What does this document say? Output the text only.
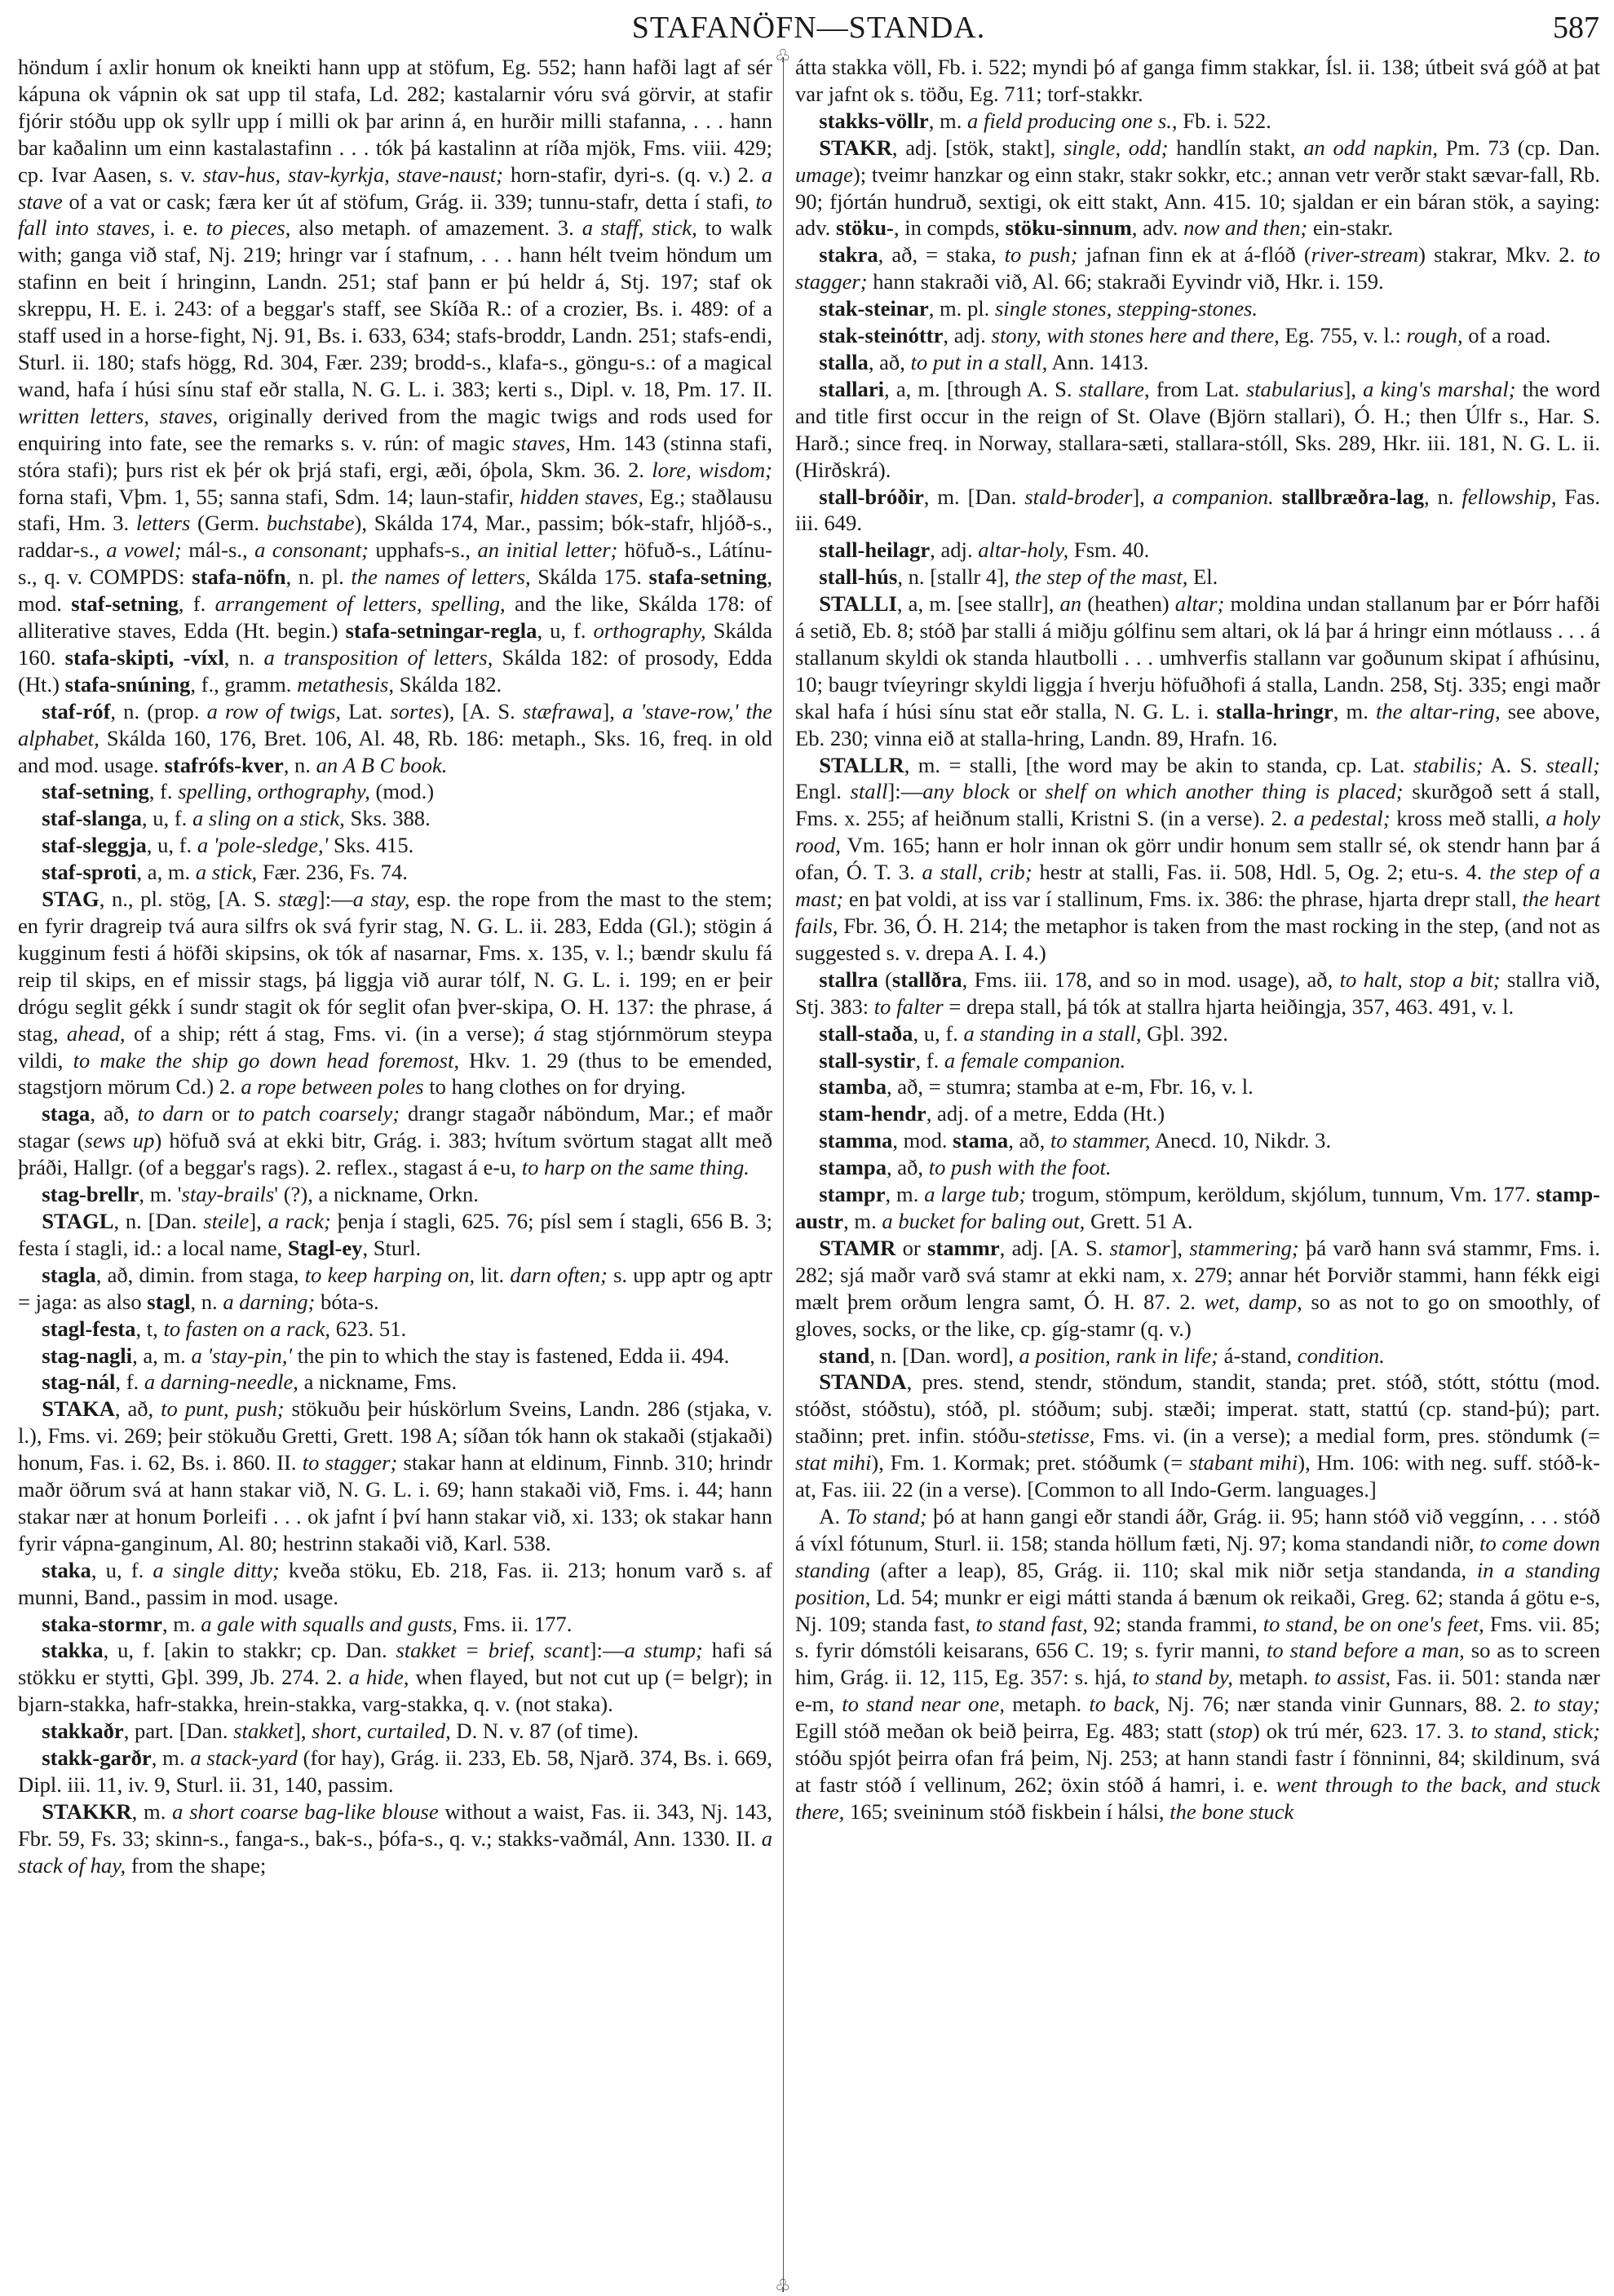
STAFANÖFN—STANDA.	587
♧
♧

höndum í axlir honum ok kneikti hann upp at stöfum, Eg. 552; hann hafði lagt af sér kápuna ok vápnin ok sat upp til stafa, Ld. 282; kastalarnir vóru svá görvir, at stafir fjórir stóðu upp ok syllr upp í milli ok þar arinn á, en hurðir milli stafanna, . . . hann bar kaðalinn um einn kastalastafinn . . . tók þá kastalinn at ríða mjök, Fms. viii. 429; cp. Ivar Aasen, s. v. stav-hus, stav-kyrkja, stave-naust; horn-stafir, dyri-s. (q. v.) 2. a stave of a vat or cask; færa ker út af stöfum, Grág. ii. 339; tunnu-stafr, detta í stafi, to fall into staves, i. e. to pieces, also metaph. of amazement. 3. a staff, stick, to walk with; ganga við staf, Nj. 219; hringr var í stafnum, . . . hann hélt tveim höndum um stafinn en beit í hringinn, Landn. 251; staf þann er þú heldr á, Stj. 197; staf ok skreppu, H. E. i. 243: of a beggar's staff, see Skíða R.: of a crozier, Bs. i. 489: of a staff used in a horse-fight, Nj. 91, Bs. i. 633, 634; stafs-broddr, Landn. 251; stafs-endi, Sturl. ii. 180; stafs högg, Rd. 304, Fær. 239; brodd-s., klafa-s., göngu-s.: of a magical wand, hafa í húsi sínu staf eðr stalla, N. G. L. i. 383; kerti s., Dipl. v. 18, Pm. 17. II. written letters, staves, originally derived from the magic twigs and rods used for enquiring into fate, see the remarks s. v. rún: of magic staves, Hm. 143 (stinna stafi, stóra stafi); þurs rist ek þér ok þrjá stafi, ergi, æði, óþola, Skm. 36. 2. lore, wisdom; forna stafi, Vþm. 1, 55; sanna stafi, Sdm. 14; laun-stafir, hidden staves, Eg.; staðlausu stafi, Hm. 3. letters (Germ. buchstabe), Skálda 174, Mar., passim; bók-stafr, hljóð-s., raddar-s., a vowel; mál-s., a consonant; upphafs-s., an initial letter; höfuð-s., Látínu-s., q. v. COMPDS: stafa-nöfn, n. pl. the names of letters, Skálda 175. stafa-setning, mod. staf-setning, f. arrangement of letters, spelling, and the like, Skálda 178: of alliterative staves, Edda (Ht. begin.) stafa-setningar-regla, u, f. orthography, Skálda 160. stafa-skipti, -víxl, n. a transposition of letters, Skálda 182: of prosody, Edda (Ht.) stafa-snúning, f., gramm. metathesis, Skálda 182.

staf-róf, n. (prop. a row of twigs, Lat. sortes), [A. S. stæfrawa], a 'stave-row,' the alphabet, Skálda 160, 176, Bret. 106, Al. 48, Rb. 186: metaph., Sks. 16, freq. in old and mod. usage. stafrófs-kver, n. an A B C book.

staf-setning, f. spelling, orthography, (mod.)

staf-slanga, u, f. a sling on a stick, Sks. 388.

staf-sleggja, u, f. a 'pole-sledge,' Sks. 415.

staf-sproti, a, m. a stick, Fær. 236, Fs. 74.

STAG, n., pl. stög, [A. S. stæg]:—a stay, esp. the rope from the mast to the stem; en fyrir dragreip tvá aura silfrs ok svá fyrir stag, N. G. L. ii. 283, Edda (Gl.); stögin á kugginum festi á höfði skipsins, ok tók af nasarnar, Fms. x. 135, v. l.; bændr skulu fá reip til skips, en ef missir stags, þá liggja við aurar tólf, N. G. L. i. 199; en er þeir drógu seglit gékk í sundr stagit ok fór seglit ofan þver-skipa, O. H. 137: the phrase, á stag, ahead, of a ship; rétt á stag, Fms. vi. (in a verse); á stag stjórnmörum steypa vildi, to make the ship go down head foremost, Hkv. 1. 29 (thus to be emended, stagstjorn mörum Cd.) 2. a rope between poles to hang clothes on for drying.

staga, að, to darn or to patch coarsely; drangr stagaðr náböndum, Mar.; ef maðr stagar (sews up) höfuð svá at ekki bitr, Grág. i. 383; hvítum svörtum stagat allt með þráði, Hallgr. (of a beggar's rags). 2. reflex., stagast á e-u, to harp on the same thing.

stag-brellr, m. 'stay-brails' (?), a nickname, Orkn.

STAGL, n. [Dan. steile], a rack; þenja í stagli, 625. 76; písl sem í stagli, 656 B. 3; festa í stagli, id.: a local name, Stagl-ey, Sturl.

stagla, að, dimin. from staga, to keep harping on, lit. darn often; s. upp aptr og aptr = jaga: as also stagl, n. a darning; bóta-s.

stagl-festa, t, to fasten on a rack, 623. 51.

stag-nagli, a, m. a 'stay-pin,' the pin to which the stay is fastened, Edda ii. 494.

stag-nál, f. a darning-needle, a nickname, Fms.

STAKA, að, to punt, push; stökuðu þeir húskörlum Sveins, Landn. 286 (stjaka, v. l.), Fms. vi. 269; þeir stökuðu Gretti, Grett. 198 A; síðan tók hann ok stakaði (stjakaði) honum, Fas. i. 62, Bs. i. 860. II. to stagger; stakar hann at eldinum, Finnb. 310; hrindr maðr öðrum svá at hann stakar við, N. G. L. i. 69; hann stakaði við, Fms. i. 44; hann stakar nær at honum Þorleifi . . . ok jafnt í því hann stakar við, xi. 133; ok stakar hann fyrir vápna-ganginum, Al. 80; hestrinn stakaði við, Karl. 538.

staka, u, f. a single ditty; kveða stöku, Eb. 218, Fas. ii. 213; honum varð s. af munni, Band., passim in mod. usage.

staka-stormr, m. a gale with squalls and gusts, Fms. ii. 177.

stakka, u, f. [akin to stakkr; cp. Dan. stakket = brief, scant]:—a stump; hafi sá stökku er stytti, Gþl. 399, Jb. 274. 2. a hide, when flayed, but not cut up (= belgr); in bjarn-stakka, hafr-stakka, hrein-stakka, varg-stakka, q. v. (not staka).

stakkaðr, part. [Dan. stakket], short, curtailed, D. N. v. 87 (of time).

stakk-garðr, m. a stack-yard (for hay), Grág. ii. 233, Eb. 58, Njarð. 374, Bs. i. 669, Dipl. iii. 11, iv. 9, Sturl. ii. 31, 140, passim.

STAKKR, m. a short coarse bag-like blouse without a waist, Fas. ii. 343, Nj. 143, Fbr. 59, Fs. 33; skinn-s., fanga-s., bak-s., þófa-s., q. v.; stakks-vaðmál, Ann. 1330. II. a stack of hay, from the shape;

átta stakka völl, Fb. i. 522; myndi þó af ganga fimm stakkar, Ísl. ii. 138; útbeit svá góð at þat var jafnt ok s. töðu, Eg. 711; torf-stakkr.

stakks-völlr, m. a field producing one s., Fb. i. 522.

STAKR, adj. [stök, stakt], single, odd; handlín stakt, an odd napkin, Pm. 73 (cp. Dan. umage); tveimr hanzkar og einn stakr, stakr sokkr, etc.; annan vetr verðr stakt sævar-fall, Rb. 90; fjórtán hundruð, sextigi, ok eitt stakt, Ann. 415. 10; sjaldan er ein báran stök, a saying: adv. stöku-, in compds, stöku-sinnum, adv. now and then; ein-stakr.

stakra, að, = staka, to push; jafnan finn ek at á-flóð (river-stream) stakrar, Mkv. 2. to stagger; hann stakraði við, Al. 66; stakraði Eyvindr við, Hkr. i. 159.

stak-steinar, m. pl. single stones, stepping-stones.

stak-steinóttr, adj. stony, with stones here and there, Eg. 755, v. l.: rough, of a road.

stalla, að, to put in a stall, Ann. 1413.

stallari, a, m. [through A. S. stallare, from Lat. stabularius], a king's marshal; the word and title first occur in the reign of St. Olave (Björn stallari), Ó. H.; then Úlfr s., Har. S. Harð.; since freq. in Norway, stallara-sæti, stallara-stóll, Sks. 289, Hkr. iii. 181, N. G. L. ii. (Hirðskrá).

stall-bróðir, m. [Dan. stald-broder], a companion. stallbræðra-lag, n. fellowship, Fas. iii. 649.

stall-heilagr, adj. altar-holy, Fsm. 40.

stall-hús, n. [stallr 4], the step of the mast, El.

STALLI, a, m. [see stallr], an (heathen) altar; moldina undan stallanum þar er Þórr hafði á setið, Eb. 8; stóð þar stalli á miðju gólfinu sem altari, ok lá þar á hringr einn mótlauss . . . á stallanum skyldi ok standa hlautbolli . . . umhverfis stallann var goðunum skipat í afhúsinu, 10; baugr tvíeyringr skyldi liggja í hverju höfuðhofi á stalla, Landn. 258, Stj. 335; engi maðr skal hafa í húsi sínu stat eðr stalla, N. G. L. i. stalla-hringr, m. the altar-ring, see above, Eb. 230; vinna eið at stalla-hring, Landn. 89, Hrafn. 16.

STALLR, m. = stalli, [the word may be akin to standa, cp. Lat. stabilis; A. S. steall; Engl. stall]:—any block or shelf on which another thing is placed; skurðgoð sett á stall, Fms. x. 255; af heiðnum stalli, Kristni S. (in a verse). 2. a pedestal; kross með stalli, a holy rood, Vm. 165; hann er holr innan ok görr undir honum sem stallr sé, ok stendr hann þar á ofan, Ó. T. 3. a stall, crib; hestr at stalli, Fas. ii. 508, Hdl. 5, Og. 2; etu-s. 4. the step of a mast; en þat voldi, at iss var í stallinum, Fms. ix. 386: the phrase, hjarta drepr stall, the heart fails, Fbr. 36, Ó. H. 214; the metaphor is taken from the mast rocking in the step, (and not as suggested s. v. drepa A. I. 4.)

stallra (stallðra, Fms. iii. 178, and so in mod. usage), að, to halt, stop a bit; stallra við, Stj. 383: to falter = drepa stall, þá tók at stallra hjarta heiðingja, 357, 463. 491, v. l.

stall-staða, u, f. a standing in a stall, Gþl. 392.

stall-systir, f. a female companion.

stamba, að, = stumra; stamba at e-m, Fbr. 16, v. l.

stam-hendr, adj. of a metre, Edda (Ht.)

stamma, mod. stama, að, to stammer, Anecd. 10, Nikdr. 3.

stampa, að, to push with the foot.

stampr, m. a large tub; trogum, stömpum, keröldum, skjólum, tunnum, Vm. 177. stamp-austr, m. a bucket for baling out, Grett. 51 A.

STAMR or stammr, adj. [A. S. stamor], stammering; þá varð hann svá stammr, Fms. i. 282; sjá maðr varð svá stamr at ekki nam, x. 279; annar hét Þorviðr stammi, hann fékk eigi mælt þrem orðum lengra samt, Ó. H. 87. 2. wet, damp, so as not to go on smoothly, of gloves, socks, or the like, cp. gíg-stamr (q. v.)

stand, n. [Dan. word], a position, rank in life; á-stand, condition.

STANDA, pres. stend, stendr, stöndum, standit, standa; pret. stóð, stótt, stóttu (mod. stóðst, stóðstu), stóð, pl. stóðum; subj. stæði; imperat. statt, stattú (cp. stand-þú); part. staðinn; pret. infin. stóðu-stetisse, Fms. vi. (in a verse); a medial form, pres. stöndumk (= stat mihi), Fm. 1. Kormak; pret. stóðumk (= stabant mihi), Hm. 106: with neg. suff. stóð-k-at, Fas. iii. 22 (in a verse). [Common to all Indo-Germ. languages.]

A. To stand; þó at hann gangi eðr standi áðr, Grág. ii. 95; hann stóð við veggínn, . . . stóð á víxl fótunum, Sturl. ii. 158; standa höllum fæti, Nj. 97; koma standandi niðr, to come down standing (after a leap), 85, Grág. ii. 110; skal mik niðr setja standanda, in a standing position, Ld. 54; munkr er eigi mátti standa á bænum ok reikaði, Greg. 62; standa á götu e-s, Nj. 109; standa fast, to stand fast, 92; standa frammi, to stand, be on one's feet, Fms. vii. 85; s. fyrir dómstóli keisarans, 656 C. 19; s. fyrir manni, to stand before a man, so as to screen him, Grág. ii. 12, 115, Eg. 357: s. hjá, to stand by, metaph. to assist, Fas. ii. 501: standa nær e-m, to stand near one, metaph. to back, Nj. 76; nær standa vinir Gunnars, 88. 2. to stay; Egill stóð meðan ok beið þeirra, Eg. 483; statt (stop) ok trú mér, 623. 17. 3. to stand, stick; stóðu spjót þeirra ofan frá þeim, Nj. 253; at hann standi fastr í fönninni, 84; skildinum, svá at fastr stóð í vellinum, 262; öxin stóð á hamri, i. e. went through to the back, and stuck there, 165; sveininum stóð fiskbein í hálsi, the bone stuck
